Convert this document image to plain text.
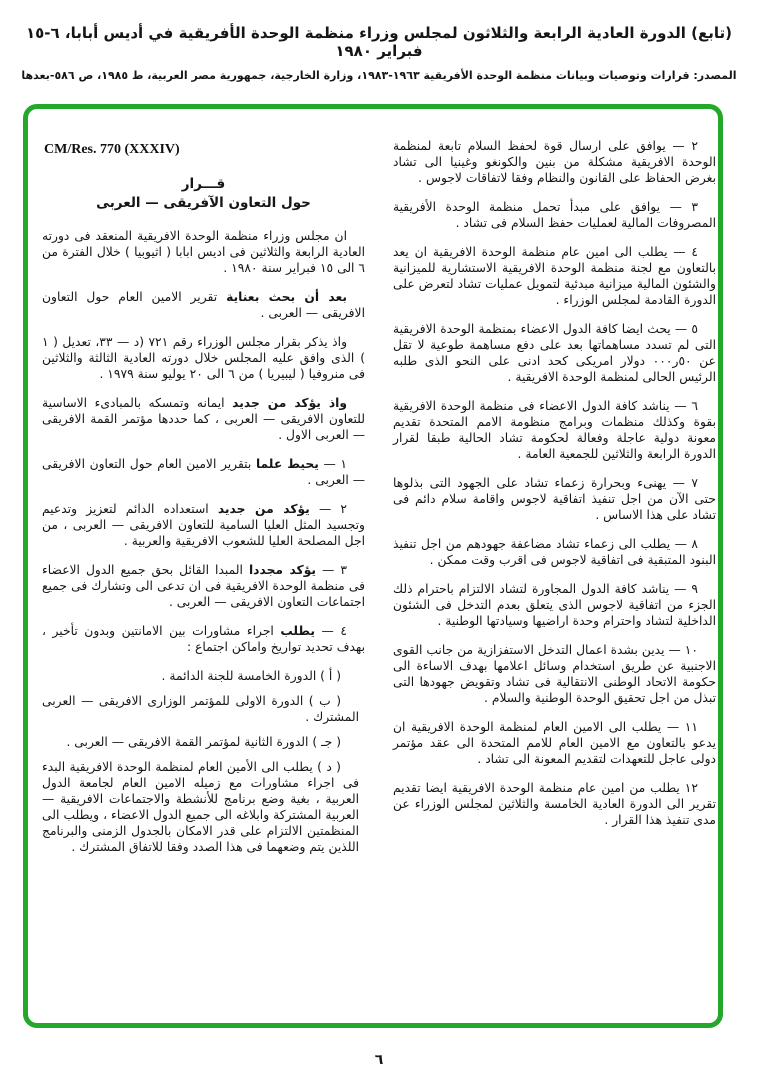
(تابع) الدورة العادية الرابعة والثلاثون لمجلس وزراء منظمة الوحدة الأفريقية في أديس أبابا، ٦-١٥ فبراير ١٩٨٠
المصدر: قرارات وتوصيات وبيانات منظمة الوحدة الأفريقية ١٩٦٣-١٩٨٣، وزارة الخارجية، جمهورية مصر العربية، ط ١٩٨٥، ص ٥٨٦-بعدها

٢ — يوافق على ارسال قوة لحفظ السلام تابعة لمنظمة الوحدة الافريقية مشكلة من بنين والكونغو وغينيا الى تشاد بغرض الحفاظ على القانون والنظام وفقا لاتفاقات لاجوس .

٣ — يوافق على مبدأ تحمل منظمة الوحدة الأفريقية المصروفات المالية لعمليات حفظ السلام فى تشاد .

٤ — يطلب الى امين عام منظمة الوحدة الافريقية ان يعد بالتعاون مع لجنة منظمة الوحدة الافريقية الاستشارية للميزانية والشئون المالية ميزانية مبدئية لتمويل عمليات تشاد لتعرض على الدورة القادمة لمجلس الوزراء .

٥ — يحث ايضا كافة الدول الاعضاء بمنظمة الوحدة الافريقية التى لم تسدد مساهماتها بعد على دفع مساهمة طوعية لا تقل عن ٥٠ر٠٠٠ دولار امريكى كحد ادنى على النحو الذى طلبه الرئيس الحالى لمنظمة الوحدة الافريقية .

٦ — يناشد كافة الدول الاعضاء فى منظمة الوحدة الافريقية بقوة وكذلك منظمات وبرامج منظومة الامم المتحدة تقديم معونة دولية عاجلة وفعالة لحكومة تشاد الحالية طبقا لقرار الدورة الرابعة والثلاثين للجمعية العامة .

٧ — يهنىء وبحرارة زعماء تشاد على الجهود التى بذلوها حتى الآن من اجل تنفيذ اتفاقية لاجوس واقامة سلام دائم فى تشاد على هذا الاساس .

٨ — يطلب الى زعماء تشاد مضاعفة جهودهم من اجل تنفيذ البنود المتبقية فى اتفاقية لاجوس فى اقرب وقت ممكن .

٩ — يناشد كافة الدول المجاورة لتشاد الالتزام باحترام ذلك الجزء من اتفاقية لاجوس الذى يتعلق بعدم التدخل فى الشئون الداخلية لتشاد واحترام وحدة اراضيها وسيادتها الوطنية .

١٠ — يدين بشدة اعمال التدخل الاستفزازية من جانب القوى الاجنبية عن طريق استخدام وسائل اعلامها بهدف الاساءة الى حكومة الاتحاد الوطنى الانتقالية فى تشاد وتقويض جهودها التى تبذل من اجل تحقيق الوحدة الوطنية والسلام .

١١ — يطلب الى الامين العام لمنظمة الوحدة الافريقية ان يدعو بالتعاون مع الامين العام للامم المتحدة الى عقد مؤتمر دولى عاجل للتعهدات لتقديم المعونة الى تشاد .

١٢ يطلب من امين عام منظمة الوحدة الافريقية ايضا تقديم تقرير الى الدورة العادية الخامسة والثلاثين لمجلس الوزراء عن مدى تنفيذ هذا القرار .

CM/Res. 770 (XXXIV)
قـــرار
حول التعاون الآفريقى — العربى

ان مجلس وزراء منظمة الوحدة الافريقية المنعقد فى دورته العادية الرابعة والثلاثين فى اديس ابابا ( اثيوبيا ) خلال الفترة من ٦ الى ١٥ فبراير سنة ١٩٨٠ .

بعد أن بحث بعناية تقرير الامين العام حول التعاون الافريقى — العربى .

واذ يذكر بقرار مجلس الوزراء رقم ٧٢١ (د — ٣٣، تعديل ( ١ ) الذى وافق عليه المجلس خلال دورته العادية الثالثة والثلاثين فى منروفيا ( ليبيريا ) من ٦ الى ٢٠ يوليو سنة ١٩٧٩ .

واذ يؤكد من جديد ايمانه وتمسكه بالمبادىء الاساسية للتعاون الافريقى — العربى ، كما حددها مؤتمر القمة الافريقى — العربى الاول .

١ — يحيط علما بتقرير الامين العام حول التعاون الافريقى — العربى .

٢ — يؤكد من جديد استعداده الدائم لتعزيز وتدعيم وتجسيد المثل العليا السامية للتعاون الافريقى — العربى ، من اجل المصلحة العليا للشعوب الافريقية والعربية .

٣ — يؤكد مجددا المبدا القائل بحق جميع الدول الاعضاء فى منظمة الوحدة الافريقية فى ان تدعى الى وتشارك فى جميع اجتماعات التعاون الافريقى — العربى .

٤ — يطلب اجراء مشاورات بين الامانتين وبدون تأخير ، بهدف تحديد تواريخ واماكن اجتماع :

( أ ) الدورة الخامسة للجنة الدائمة .

( ب ) الدورة الاولى للمؤتمر الوزارى الافريقى — العربى المشترك .

( جـ ) الدورة الثانية لمؤتمر القمة الافريقى — العربى .

( د ) يطلب الى الأمين العام لمنظمة الوحدة الافريقية البدء فى اجراء مشاورات مع زميله الامين العام لجامعة الدول العربية ، بغية وضع برنامج للأنشطة والاجتماعات الافريقية — العربية المشتركة وابلاغه الى جميع الدول الاعضاء ، ويطلب الى المنظمتين الالتزام على قدر الامكان بالجدول الزمنى والبرنامج اللذين يتم وضعهما فى هذا الصدد وفقا للاتفاق المشترك .

٦
